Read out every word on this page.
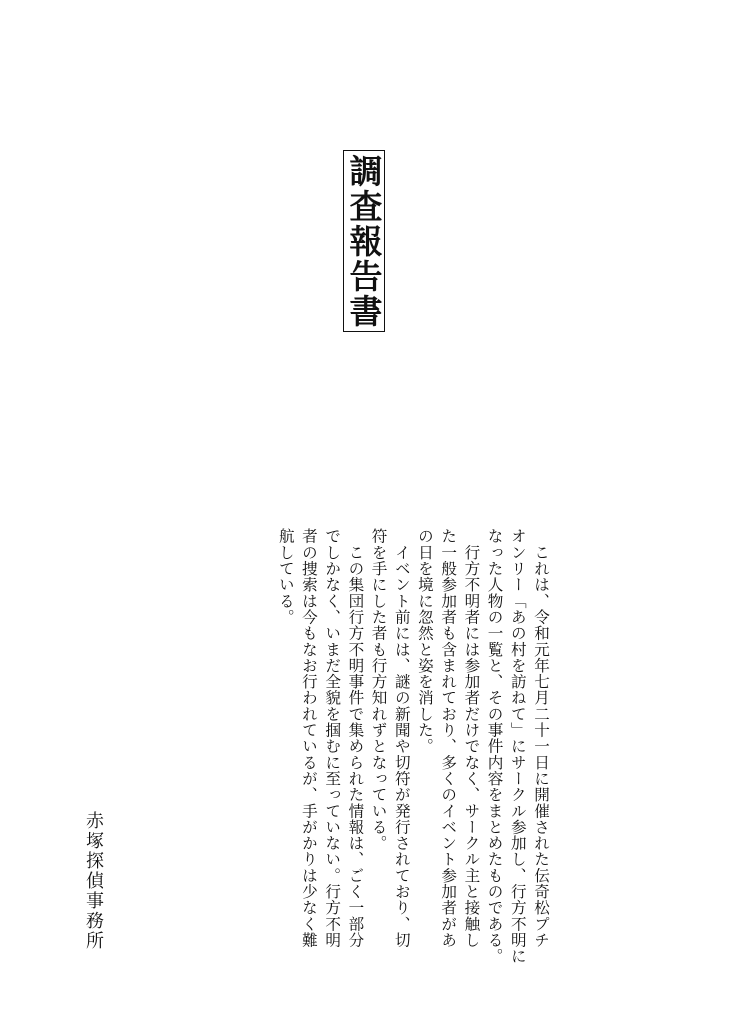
調査報告書

　これは、令和元年七月二十一日に開催された伝奇松プチ

オンリー「あの村を訪ねて」にサークル参加し、行方不明に

なった人物の一覧と、その事件内容をまとめたものである。

　行方不明者には参加者だけでなく、サークル主と接触し

た一般参加者も含まれており、多くのイベント参加者があ

の日を境に忽然と姿を消した。

　イベント前には、謎の新聞や切符が発行されており、切

符を手にした者も行方知れずとなっている。

　この集団行方不明事件で集められた情報は、ごく一部分

でしかなく、いまだ全貌を掴むに至っていない。行方不明

者の捜索は今もなお行われているが、手がかりは少なく難

航している。

赤塚探偵事務所
